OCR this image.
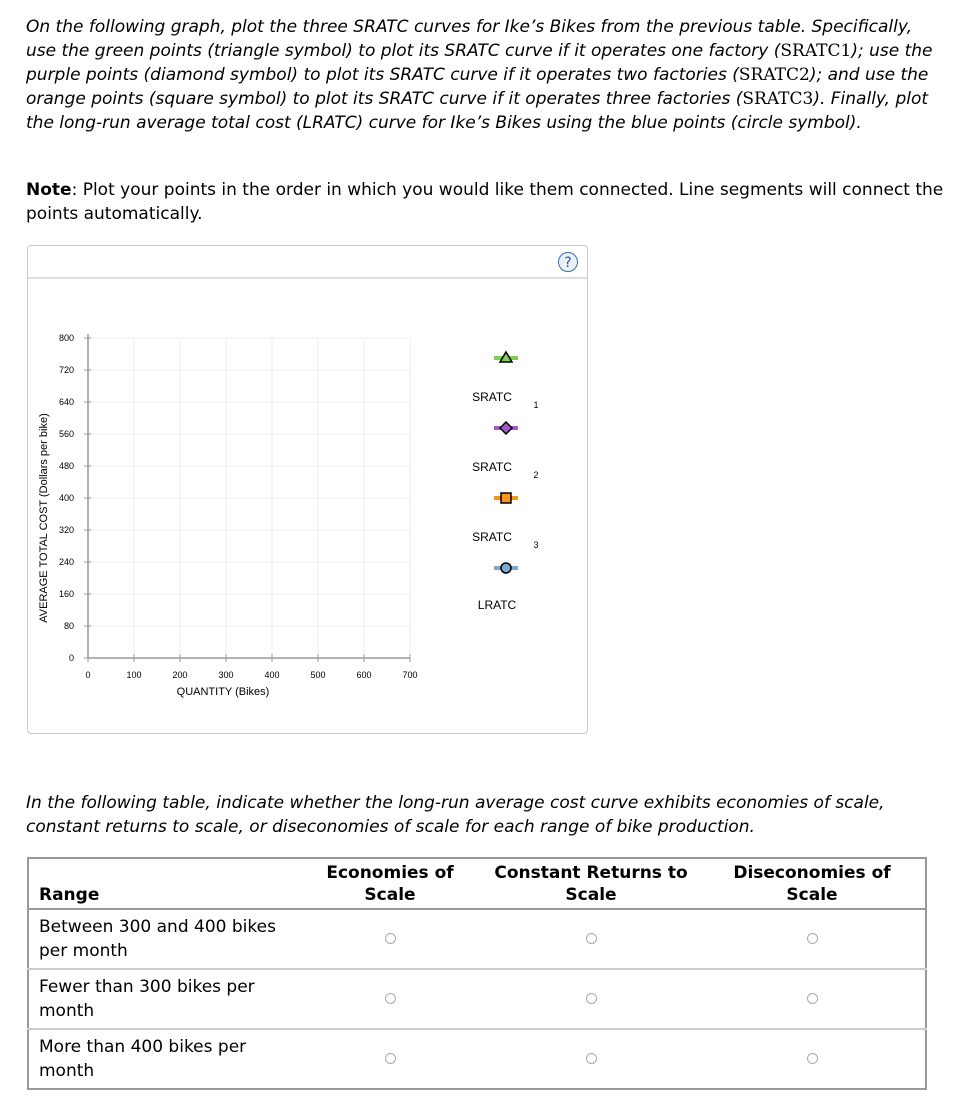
On the following graph, plot the three SRATC curves for Ike’s Bikes from the previous table. Specifically, use the green points (triangle symbol) to plot its SRATC curve if it operates one factory (SRATC1); use the purple points (diamond symbol) to plot its SRATC curve if it operates two factories (SRATC2); and use the orange points (square symbol) to plot its SRATC curve if it operates three factories (SRATC3). Finally, plot the long-run average total cost (LRATC) curve for Ike’s Bikes using the blue points (circle symbol).
Note: Plot your points in the order in which you would like them connected. Line segments will connect the points automatically.
?
0	100	200	300	400	500	600	700
0
80
160
240
320
400
480
560
640
720
800
QUANTITY (Bikes)
AVERAGE TOTAL COST (Dollars per bike)
SRATC
1
SRATC
2
SRATC
3
LRATC
In the following table, indicate whether the long-run average cost curve exhibits economies of scale, constant returns to scale, or diseconomies of scale for each range of bike production.
Range	Economies of Scale	Constant Returns to Scale	Diseconomies of Scale
Between 300 and 400 bikes per month			
Fewer than 300 bikes per month			
More than 400 bikes per month			
